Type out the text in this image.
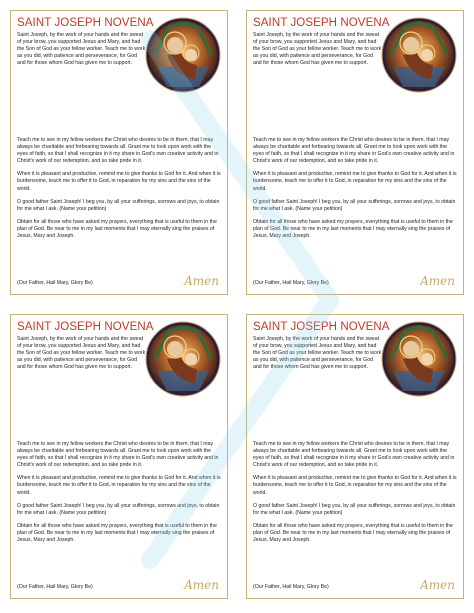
SAINT JOSEPH NOVENA
Saint Joseph, by the work of your hands and the sweat of your brow, you supported Jesus and Mary, and had the Son of God as your fellow worker. Teach me to work as you did, with patience and perseverance, for God and for those whom God has given me to support.

Teach me to see in my fellow workers the Christ who desires to be in them, that I may always be charitable and forbearing towards all. Grant me to look upon work with the eyes of faith, so that I shall recognize in it my share in God's own creative activity and in Christ's work of our redemption, and so take pride in it.

When it is pleasant and productive, remind me to give thanks to God for it. And when it is burdensome, teach me to offer it to God, in reparation for my sins and the sins of the world.

O good father Saint Joseph! I beg you, by all your sufferings, sorrows and joys, to obtain for me what I ask. (Name your petition)

Obtain for all those who have asked my prayers, everything that is useful to them in the plan of God. Be near to me in my last moments that I may eternally sing the praises of Jesus, Mary and Joseph.

(Our Father, Hail Mary, Glory Be)	Amen
SAINT JOSEPH NOVENA
Saint Joseph, by the work of your hands and the sweat of your brow, you supported Jesus and Mary, and had the Son of God as your fellow worker. Teach me to work as you did, with patience and perseverance, for God and for those whom God has given me to support.

Teach me to see in my fellow workers the Christ who desires to be in them, that I may always be charitable and forbearing towards all. Grant me to look upon work with the eyes of faith, so that I shall recognize in it my share in God's own creative activity and in Christ's work of our redemption, and so take pride in it.

When it is pleasant and productive, remind me to give thanks to God for it. And when it is burdensome, teach me to offer it to God, in reparation for my sins and the sins of the world.

O good father Saint Joseph! I beg you, by all your sufferings, sorrows and joys, to obtain for me what I ask. (Name your petition)

Obtain for all those who have asked my prayers, everything that is useful to them in the plan of God. Be near to me in my last moments that I may eternally sing the praises of Jesus, Mary and Joseph.

(Our Father, Hail Mary, Glory Be)	Amen
SAINT JOSEPH NOVENA
Saint Joseph, by the work of your hands and the sweat of your brow, you supported Jesus and Mary, and had the Son of God as your fellow worker. Teach me to work as you did, with patience and perseverance, for God and for those whom God has given me to support.

Teach me to see in my fellow workers the Christ who desires to be in them, that I may always be charitable and forbearing towards all. Grant me to look upon work with the eyes of faith, so that I shall recognize in it my share in God's own creative activity and in Christ's work of our redemption, and so take pride in it.

When it is pleasant and productive, remind me to give thanks to God for it. And when it is burdensome, teach me to offer it to God, in reparation for my sins and the sins of the world.

O good father Saint Joseph! I beg you, by all your sufferings, sorrows and joys, to obtain for me what I ask. (Name your petition)

Obtain for all those who have asked my prayers, everything that is useful to them in the plan of God. Be near to me in my last moments that I may eternally sing the praises of Jesus, Mary and Joseph.

(Our Father, Hail Mary, Glory Be)	Amen
SAINT JOSEPH NOVENA
Saint Joseph, by the work of your hands and the sweat of your brow, you supported Jesus and Mary, and had the Son of God as your fellow worker. Teach me to work as you did, with patience and perseverance, for God and for those whom God has given me to support.

Teach me to see in my fellow workers the Christ who desires to be in them, that I may always be charitable and forbearing towards all. Grant me to look upon work with the eyes of faith, so that I shall recognize in it my share in God's own creative activity and in Christ's work of our redemption, and so take pride in it.

When it is pleasant and productive, remind me to give thanks to God for it. And when it is burdensome, teach me to offer it to God, in reparation for my sins and the sins of the world.

O good father Saint Joseph! I beg you, by all your sufferings, sorrows and joys, to obtain for me what I ask. (Name your petition)

Obtain for all those who have asked my prayers, everything that is useful to them in the plan of God. Be near to me in my last moments that I may eternally sing the praises of Jesus, Mary and Joseph.

(Our Father, Hail Mary, Glory Be)	Amen
